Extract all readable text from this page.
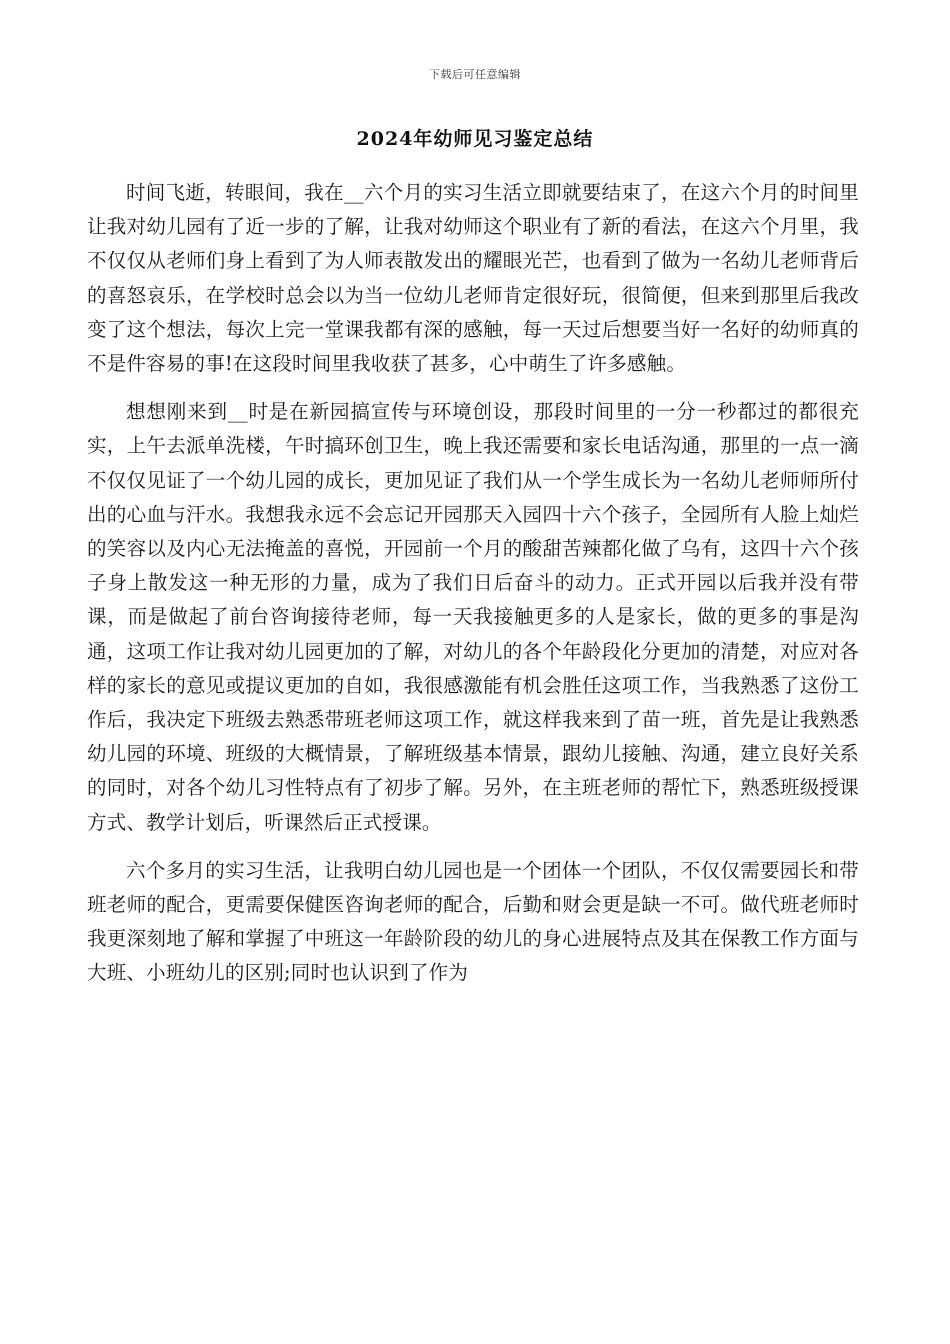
下载后可任意编辑
2024年幼师见习鉴定总结

时间飞逝，转眼间，我在__六个月的实习生活立即就要结束了，在这六个月的时间里让我对幼儿园有了近一步的了解，让我对幼师这个职业有了新的看法，在这六个月里，我不仅仅从老师们身上看到了为人师表散发出的耀眼光芒，也看到了做为一名幼儿老师背后的喜怒哀乐，在学校时总会以为当一位幼儿老师肯定很好玩，很简便，但来到那里后我改变了这个想法，每次上完一堂课我都有深的感触，每一天过后想要当好一名好的幼师真的不是件容易的事!在这段时间里我收获了甚多，心中萌生了许多感触。

想想刚来到__时是在新园搞宣传与环境创设，那段时间里的一分一秒都过的都很充实，上午去派单洗楼，午时搞环创卫生，晚上我还需要和家长电话沟通，那里的一点一滴不仅仅见证了一个幼儿园的成长，更加见证了我们从一个学生成长为一名幼儿老师师所付出的心血与汗水。我想我永远不会忘记开园那天入园四十六个孩子，全园所有人脸上灿烂的笑容以及内心无法掩盖的喜悦，开园前一个月的酸甜苦辣都化做了乌有，这四十六个孩子身上散发这一种无形的力量，成为了我们日后奋斗的动力。正式开园以后我并没有带课，而是做起了前台咨询接待老师，每一天我接触更多的人是家长，做的更多的事是沟通，这项工作让我对幼儿园更加的了解，对幼儿的各个年龄段化分更加的清楚，对应对各样的家长的意见或提议更加的自如，我很感激能有机会胜任这项工作，当我熟悉了这份工作后，我决定下班级去熟悉带班老师这项工作，就这样我来到了苗一班，首先是让我熟悉幼儿园的环境、班级的大概情景，了解班级基本情景，跟幼儿接触、沟通，建立良好关系的同时，对各个幼儿习性特点有了初步了解。另外，在主班老师的帮忙下，熟悉班级授课方式、教学计划后，听课然后正式授课。

六个多月的实习生活，让我明白幼儿园也是一个团体一个团队，不仅仅需要园长和带班老师的配合，更需要保健医咨询老师的配合，后勤和财会更是缺一不可。做代班老师时我更深刻地了解和掌握了中班这一年龄阶段的幼儿的身心进展特点及其在保教工作方面与大班、小班幼儿的区别;同时也认识到了作为
